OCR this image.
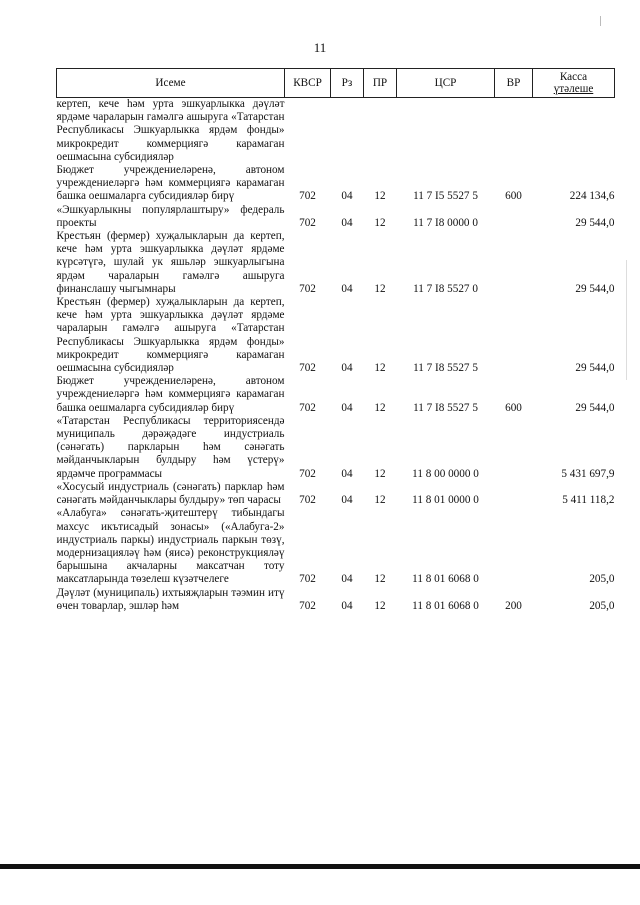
11
Исеме	КВСР	Рз	ПР	ЦСР	ВР	Касса
үтәлеше

кертеп, кече һәм урта эшкуарлыкка дәүләт ярдәме чараларын гамәлгә ашыруга «Татарстан Республикасы Эшкуарлыкка ярдәм фонды» микрокредит коммерциягә карамаган оешмасына субсидияләр						
Бюджет учреждениеләренә, автоном учреждениеләргә һәм коммерциягә карамаган башка оешмаларга субсидияләр бирү	702	04	12	11 7 I5 5527 5	600	224 134,6
«Эшкуарлыкны популярлаштыру» федераль проекты	702	04	12	11 7 I8 0000 0		29 544,0
Крестьян (фермер) хуҗалыкларын да кертеп, кече һәм урта эшкуарлыкка дәүләт ярдәме күрсәтүгә, шулай ук яшьләр эшкуарлыгына ярдәм чараларын гамәлгә ашыруга финанслашу чыгымнары	702	04	12	11 7 I8 5527 0		29 544,0
Крестьян (фермер) хуҗалыкларын да кертеп, кече һәм урта эшкуарлыкка дәүләт ярдәме чараларын гамәлгә ашыруга «Татарстан Республикасы Эшкуарлыкка ярдәм фонды» микрокредит коммерциягә карамаган оешмасына субсидияләр	702	04	12	11 7 I8 5527 5		29 544,0
Бюджет учреждениеләренә, автоном учреждениеләргә һәм коммерциягә карамаган башка оешмаларга субсидияләр бирү	702	04	12	11 7 I8 5527 5	600	29 544,0
«Татарстан Республикасы территориясендә муниципаль дәрәҗәдәге индустриаль (сәнәгать) паркларын һәм сәнәгать мәйданчыкларын булдыру һәм үстерү» ярдәмче программасы	702	04	12	11 8 00 0000 0		5 431 697,9
«Хосусый индустриаль (сәнәгать) парклар һәм сәнәгать мәйданчыклары булдыру» төп чарасы	702	04	12	11 8 01 0000 0		5 411 118,2
«Алабуга» сәнәгать-җитештерү тибындагы махсус икътисадый зонасы» («Алабуга-2» индустриаль паркы) индустриаль паркын төзү, модернизацияләү һәм (яисә) реконструкцияләү барышына акчаларны максатчан тоту максатларында төзелеш күзәтчелеге	702	04	12	11 8 01 6068 0		205,0
Дәүләт (муниципаль) ихтыяҗларын тәэмин итү өчен товарлар, эшләр һәм	702	04	12	11 8 01 6068 0	200	205,0
